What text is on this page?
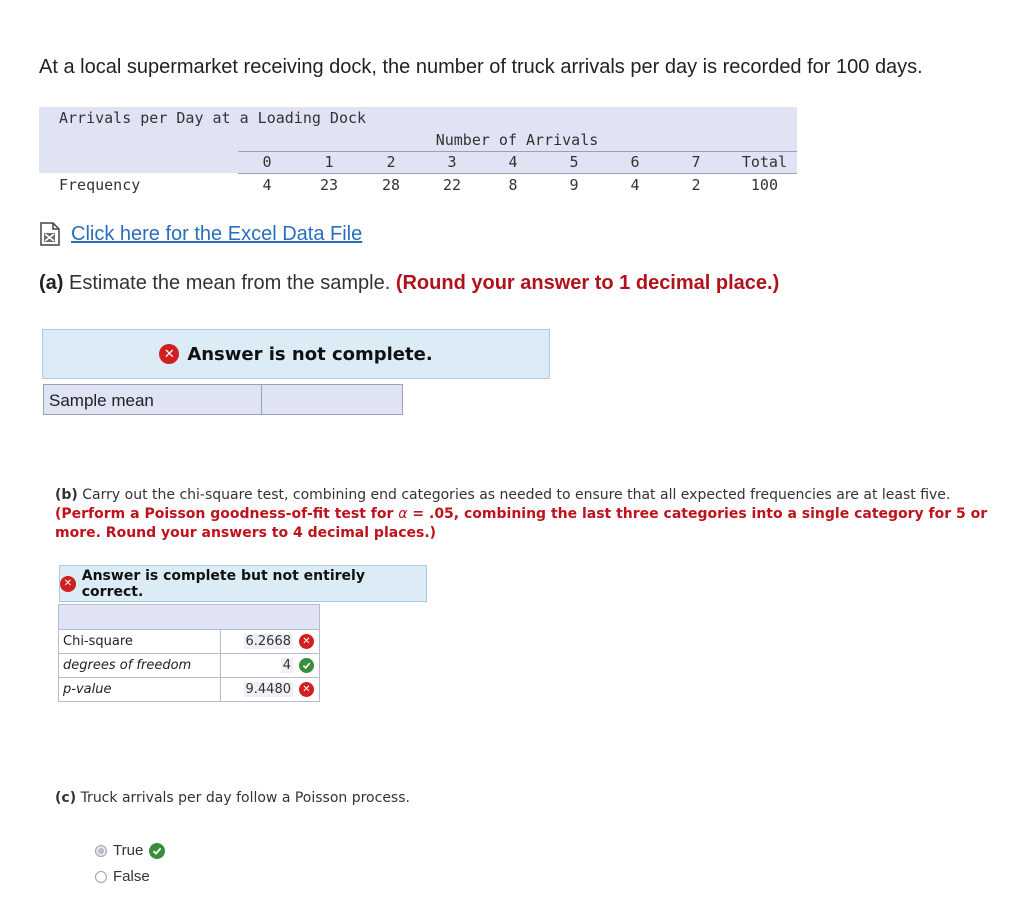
At a local supermarket receiving dock, the number of truck arrivals per day is recorded for 100 days.
Arrivals per Day at a Loading Dock
Number of Arrivals
0	1	2	3	4	5	6	7	Total
Frequency	4	23	28	22	8	9	4	2	100
Click here for the Excel Data File
(a) Estimate the mean from the sample. (Round your answer to 1 decimal place.)
✕ Answer is not complete.
Sample mean
(b) Carry out the chi-square test, combining end categories as needed to ensure that all expected frequencies are at least five.
(Perform a Poisson goodness-of-fit test for α = .05, combining the last three categories into a single category for 5 or more. Round your answers to 4 decimal places.)
✕ Answer is complete but not entirely correct.
Chi-square	6.2668	✕
degrees of freedom	4
p-value	9.4480	✕
(c) Truck arrivals per day follow a Poisson process.
True
False
